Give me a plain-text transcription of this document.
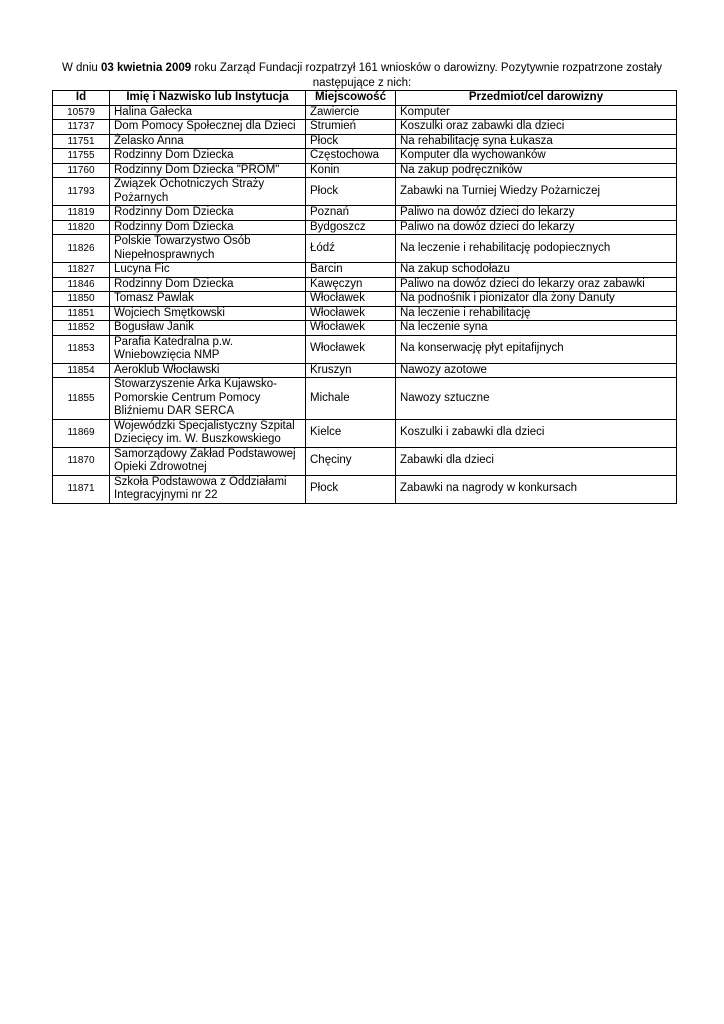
W dniu 03 kwietnia 2009 roku Zarząd Fundacji rozpatrzył 161 wniosków o darowizny. Pozytywnie rozpatrzone zostały następujące z nich:
Id	Imię i Nazwisko lub Instytucja	Miejscowość	Przedmiot/cel darowizny
10579	Halina Gałecka	Zawiercie	Komputer
11737	Dom Pomocy Społecznej dla Dzieci	Strumień	Koszulki oraz zabawki dla dzieci
11751	Żelasko Anna	Płock	Na rehabilitację syna Łukasza
11755	Rodzinny Dom Dziecka	Częstochowa	Komputer dla wychowanków
11760	Rodzinny Dom Dziecka "PROM"	Konin	Na zakup podręczników
11793	Związek Ochotniczych Straży Pożarnych	Płock	Zabawki na Turniej Wiedzy Pożarniczej
11819	Rodzinny Dom Dziecka	Poznań	Paliwo na dowóz dzieci do lekarzy
11820	Rodzinny Dom Dziecka	Bydgoszcz	Paliwo na dowóz dzieci do lekarzy
11826	Polskie Towarzystwo Osób Niepełnosprawnych	Łódź	Na leczenie i rehabilitację podopiecznych
11827	Lucyna Fic	Barcin	Na zakup schodołazu
11846	Rodzinny Dom Dziecka	Kawęczyn	Paliwo na dowóz dzieci do lekarzy oraz zabawki
11850	Tomasz Pawlak	Włocławek	Na podnośnik i pionizator dla żony Danuty
11851	Wojciech Smętkowski	Włocławek	Na leczenie i rehabilitację
11852	Bogusław Janik	Włocławek	Na leczenie syna
11853	Parafia Katedralna p.w. Wniebowzięcia NMP	Włocławek	Na konserwację płyt epitafijnych
11854	Aeroklub Włocławski	Kruszyn	Nawozy azotowe
11855	Stowarzyszenie Arka Kujawsko-Pomorskie Centrum Pomocy Bliźniemu DAR SERCA	Michale	Nawozy sztuczne
11869	Wojewódzki Specjalistyczny Szpital Dziecięcy im. W. Buszkowskiego	Kielce	Koszulki i zabawki dla dzieci
11870	Samorządowy Zakład Podstawowej Opieki Zdrowotnej	Chęciny	Zabawki dla dzieci
11871	Szkoła Podstawowa z Oddziałami Integracyjnymi nr 22	Płock	Zabawki na nagrody w konkursach
